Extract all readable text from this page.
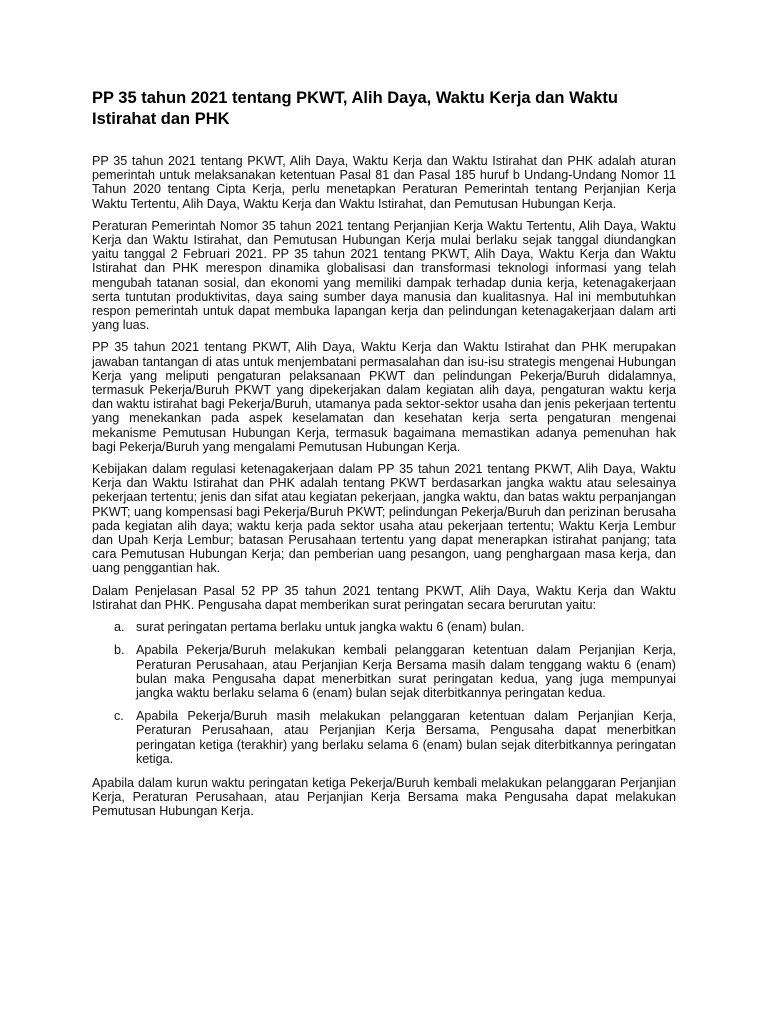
PP 35 tahun 2021 tentang PKWT, Alih Daya, Waktu Kerja dan Waktu Istirahat dan PHK

PP 35 tahun 2021 tentang PKWT, Alih Daya, Waktu Kerja dan Waktu Istirahat dan PHK adalah aturan pemerintah untuk melaksanakan ketentuan Pasal 81 dan Pasal 185 huruf b Undang-Undang Nomor 11 Tahun 2020 tentang Cipta Kerja, perlu menetapkan Peraturan Pemerintah tentang Perjanjian Kerja Waktu Tertentu, Alih Daya, Waktu Kerja dan Waktu Istirahat, dan Pemutusan Hubungan Kerja.

Peraturan Pemerintah Nomor 35 tahun 2021 tentang Perjanjian Kerja Waktu Tertentu, Alih Daya, Waktu Kerja dan Waktu Istirahat, dan Pemutusan Hubungan Kerja mulai berlaku sejak tanggal diundangkan yaitu tanggal 2 Februari 2021. PP 35 tahun 2021 tentang PKWT, Alih Daya, Waktu Kerja dan Waktu Istirahat dan PHK merespon dinamika globalisasi dan transformasi teknologi informasi yang telah mengubah tatanan sosial, dan ekonomi yang memiliki dampak terhadap dunia kerja, ketenagakerjaan serta tuntutan produktivitas, daya saing sumber daya manusia dan kualitasnya. Hal ini membutuhkan respon pemerintah untuk dapat membuka lapangan kerja dan pelindungan ketenagakerjaan dalam arti yang luas.

PP 35 tahun 2021 tentang PKWT, Alih Daya, Waktu Kerja dan Waktu Istirahat dan PHK merupakan jawaban tantangan di atas untuk menjembatani permasalahan dan isu-isu strategis mengenai Hubungan Kerja yang meliputi pengaturan pelaksanaan PKWT dan pelindungan Pekerja/Buruh didalamnya, termasuk Pekerja/Buruh PKWT yang dipekerjakan dalam kegiatan alih daya, pengaturan waktu kerja dan waktu istirahat bagi Pekerja/Buruh, utamanya pada sektor-sektor usaha dan jenis pekerjaan tertentu yang menekankan pada aspek keselamatan dan kesehatan kerja serta pengaturan mengenai mekanisme Pemutusan Hubungan Kerja, termasuk bagaimana memastikan adanya pemenuhan hak bagi Pekerja/Buruh yang mengalami Pemutusan Hubungan Kerja.

Kebijakan dalam regulasi ketenagakerjaan dalam PP 35 tahun 2021 tentang PKWT, Alih Daya, Waktu Kerja dan Waktu Istirahat dan PHK adalah tentang PKWT berdasarkan jangka waktu atau selesainya pekerjaan tertentu; jenis dan sifat atau kegiatan pekerjaan, jangka waktu, dan batas waktu perpanjangan PKWT; uang kompensasi bagi Pekerja/Buruh PKWT; pelindungan Pekerja/Buruh dan perizinan berusaha pada kegiatan alih daya; waktu kerja pada sektor usaha atau pekerjaan tertentu; Waktu Kerja Lembur dan Upah Kerja Lembur; batasan Perusahaan tertentu yang dapat menerapkan istirahat panjang; tata cara Pemutusan Hubungan Kerja; dan pemberian uang pesangon, uang penghargaan masa kerja, dan uang penggantian hak.

Dalam Penjelasan Pasal 52 PP 35 tahun 2021 tentang PKWT, Alih Daya, Waktu Kerja dan Waktu Istirahat dan PHK. Pengusaha dapat memberikan surat peringatan secara berurutan yaitu:

a. surat peringatan pertama berlaku untuk jangka waktu 6 (enam) bulan.
b. Apabila Pekerja/Buruh melakukan kembali pelanggaran ketentuan dalam Perjanjian Kerja, Peraturan Perusahaan, atau Perjanjian Kerja Bersama masih dalam tenggang waktu 6 (enam) bulan maka Pengusaha dapat menerbitkan surat peringatan kedua, yang juga mempunyai jangka waktu berlaku selama 6 (enam) bulan sejak diterbitkannya peringatan kedua.
c. Apabila Pekerja/Buruh masih melakukan pelanggaran ketentuan dalam Perjanjian Kerja, Peraturan Perusahaan, atau Perjanjian Kerja Bersama, Pengusaha dapat menerbitkan peringatan ketiga (terakhir) yang berlaku selama 6 (enam) bulan sejak diterbitkannya peringatan ketiga.

Apabila dalam kurun waktu peringatan ketiga Pekerja/Buruh kembali melakukan pelanggaran Perjanjian Kerja, Peraturan Perusahaan, atau Perjanjian Kerja Bersama maka Pengusaha dapat melakukan Pemutusan Hubungan Kerja.
